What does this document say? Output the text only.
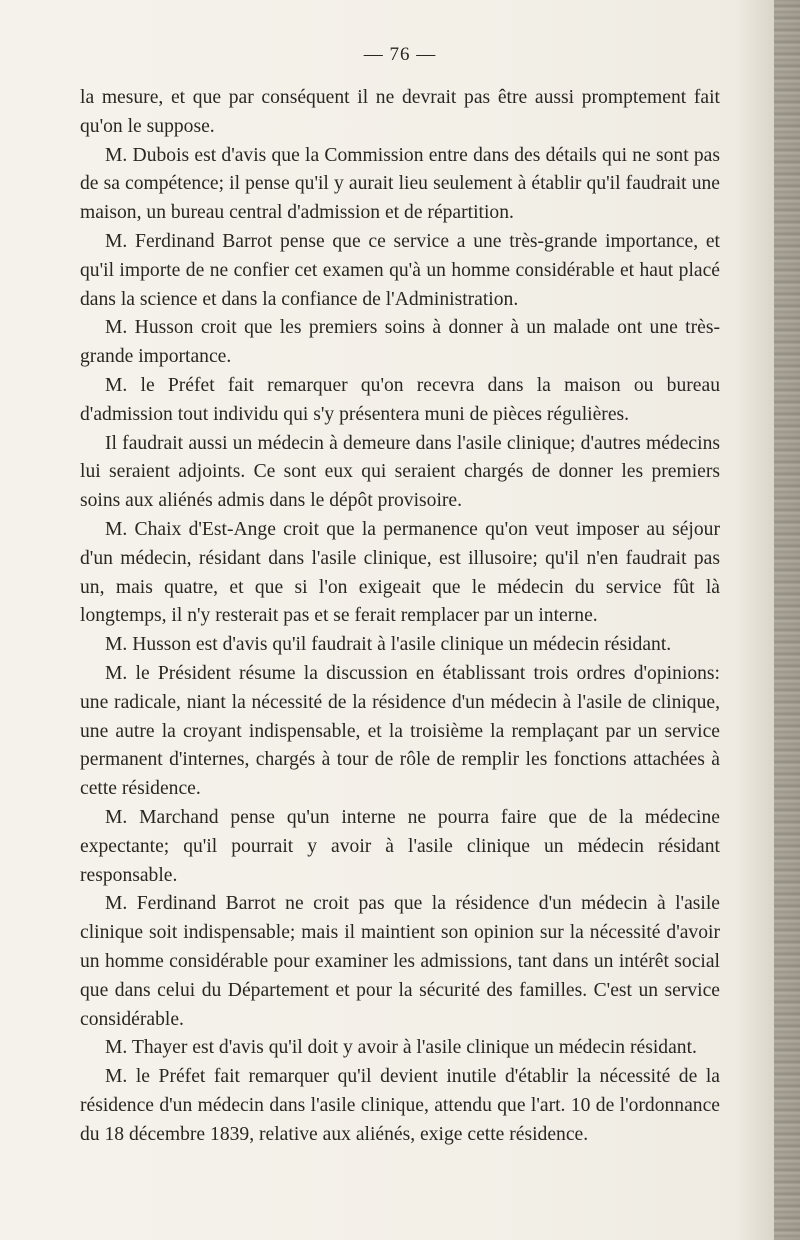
— 76 —

la mesure, et que par conséquent il ne devrait pas être aussi promptement fait qu'on le suppose.

M. Dubois est d'avis que la Commission entre dans des détails qui ne sont pas de sa compétence; il pense qu'il y aurait lieu seulement à établir qu'il faudrait une maison, un bureau central d'admission et de répartition.

M. Ferdinand Barrot pense que ce service a une très-grande importance, et qu'il importe de ne confier cet examen qu'à un homme considérable et haut placé dans la science et dans la confiance de l'Administration.

M. Husson croit que les premiers soins à donner à un malade ont une très-grande importance.

M. le Préfet fait remarquer qu'on recevra dans la maison ou bureau d'admission tout individu qui s'y présentera muni de pièces régulières.

Il faudrait aussi un médecin à demeure dans l'asile clinique; d'autres médecins lui seraient adjoints. Ce sont eux qui seraient chargés de donner les premiers soins aux aliénés admis dans le dépôt provisoire.

M. Chaix d'Est-Ange croit que la permanence qu'on veut imposer au séjour d'un médecin, résidant dans l'asile clinique, est illusoire; qu'il n'en faudrait pas un, mais quatre, et que si l'on exigeait que le médecin du service fût là longtemps, il n'y resterait pas et se ferait remplacer par un interne.

M. Husson est d'avis qu'il faudrait à l'asile clinique un médecin résidant.

M. le Président résume la discussion en établissant trois ordres d'opinions: une radicale, niant la nécessité de la résidence d'un médecin à l'asile de clinique, une autre la croyant indispensable, et la troisième la remplaçant par un service permanent d'internes, chargés à tour de rôle de remplir les fonctions attachées à cette résidence.

M. Marchand pense qu'un interne ne pourra faire que de la médecine expectante; qu'il pourrait y avoir à l'asile clinique un médecin résidant responsable.

M. Ferdinand Barrot ne croit pas que la résidence d'un médecin à l'asile clinique soit indispensable; mais il maintient son opinion sur la nécessité d'avoir un homme considérable pour examiner les admissions, tant dans un intérêt social que dans celui du Département et pour la sécurité des familles. C'est un service considérable.

M. Thayer est d'avis qu'il doit y avoir à l'asile clinique un médecin résidant.

M. le Préfet fait remarquer qu'il devient inutile d'établir la nécessité de la résidence d'un médecin dans l'asile clinique, attendu que l'art. 10 de l'ordonnance du 18 décembre 1839, relative aux aliénés, exige cette résidence.
